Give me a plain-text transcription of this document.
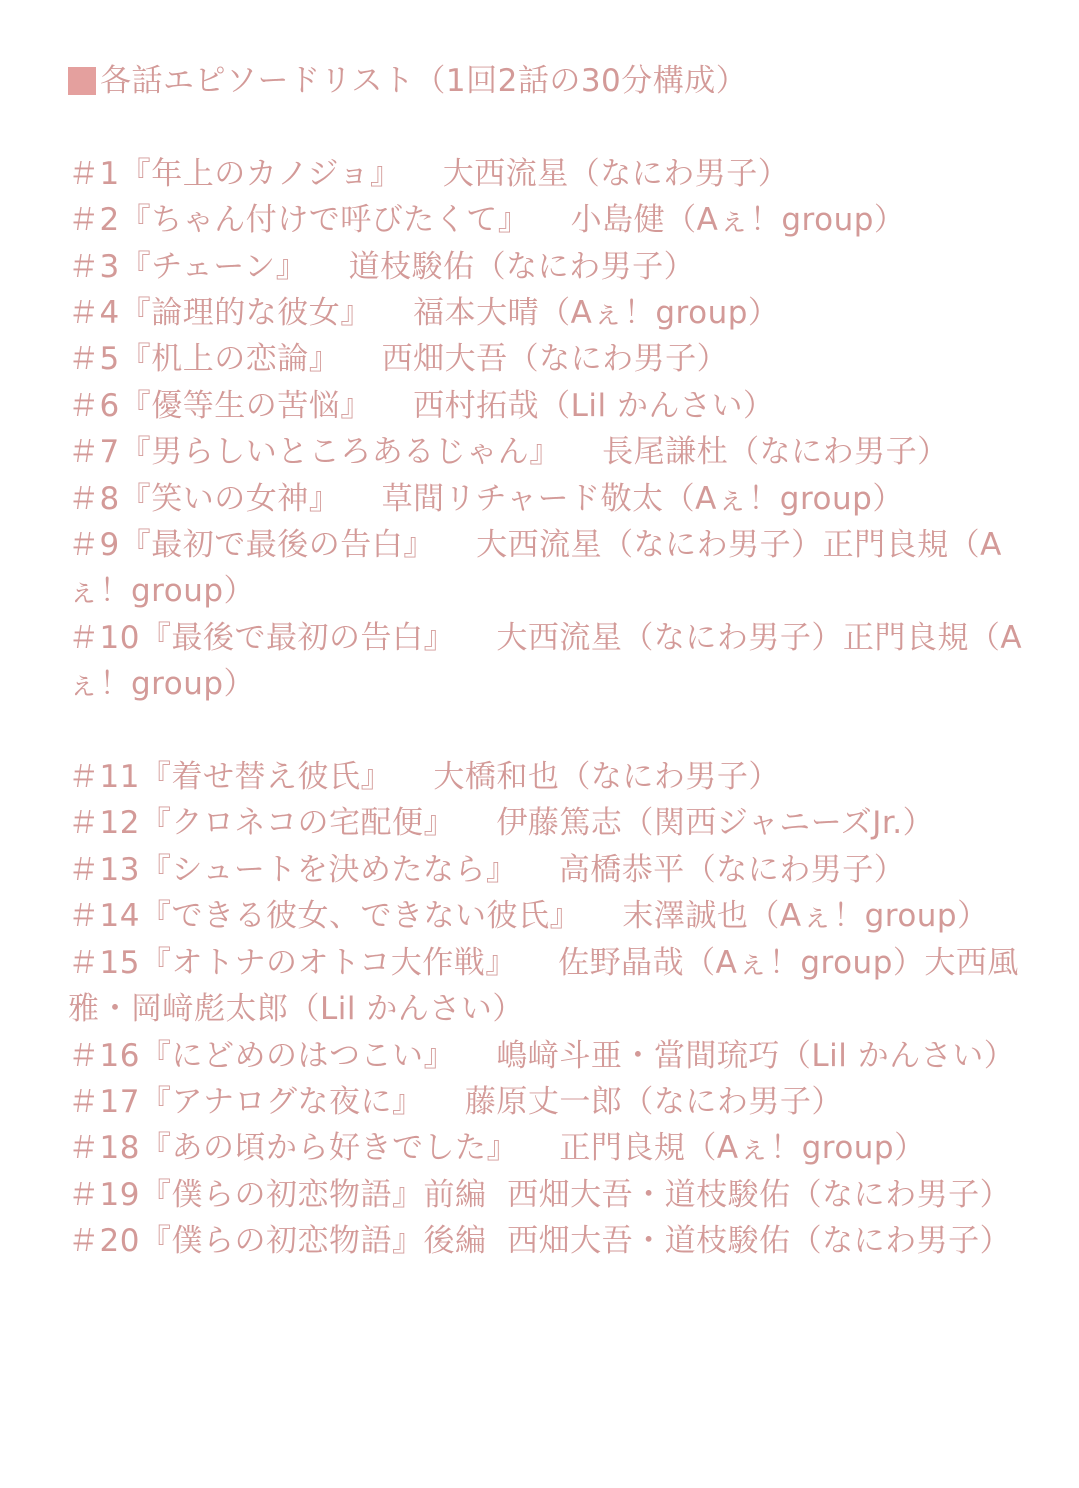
各話エピソードリスト（1回2話の30分構成）
＃1『年上のカノジョ』 大西流星（なにわ男子）
＃2『ちゃん付けで呼びたくて』 小島健（Aぇ！group）
＃3『チェーン』 道枝駿佑（なにわ男子）
＃4『論理的な彼女』 福本大晴（Aぇ！group）
＃5『机上の恋論』 西畑大吾（なにわ男子）
＃6『優等生の苦悩』 西村拓哉（Lil かんさい）
＃7『男らしいところあるじゃん』 長尾謙杜（なにわ男子）
＃8『笑いの女神』 草間リチャード敬太（Aぇ！group）
＃9『最初で最後の告白』 大西流星（なにわ男子）正門良規（Aぇ！group）
＃10『最後で最初の告白』 大西流星（なにわ男子）正門良規（Aぇ！group）
＃11『着せ替え彼氏』 大橋和也（なにわ男子）
＃12『クロネコの宅配便』 伊藤篤志（関西ジャニーズJr.）
＃13『シュートを決めたなら』 高橋恭平（なにわ男子）
＃14『できる彼女、できない彼氏』 末澤誠也（Aぇ！group）
＃15『オトナのオトコ大作戦』 佐野晶哉（Aぇ！group）大西風雅・岡﨑彪太郎（Lil かんさい）
＃16『にどめのはつこい』 嶋﨑斗亜・當間琉巧（Lil かんさい）
＃17『アナログな夜に』 藤原丈一郎（なにわ男子）
＃18『あの頃から好きでした』 正門良規（Aぇ！group）
＃19『僕らの初恋物語』前編 西畑大吾・道枝駿佑（なにわ男子）
＃20『僕らの初恋物語』後編 西畑大吾・道枝駿佑（なにわ男子）
